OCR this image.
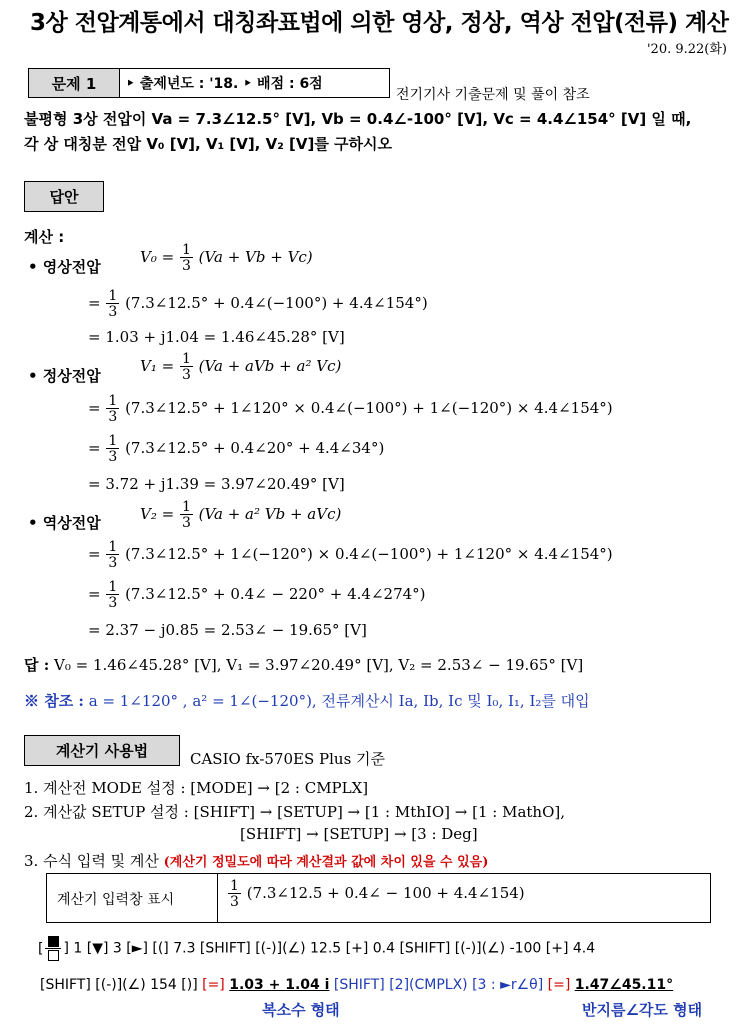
3상 전압계통에서 대칭좌표법에 의한 영상, 정상, 역상 전압(전류) 계산
'20. 9.22(화)
문제 1	‣ 출제년도 : '18. ‣ 배점 : 6점
전기기사 기출문제 및 풀이 참조
불평형 3상 전압이 Va = 7.3∠12.5° [V], Vb = 0.4∠-100° [V], Vc = 4.4∠154° [V] 일 때,
각 상 대칭분 전압 V₀ [V], V₁ [V], V₂ [V]를 구하시오
답안
계산 :
• 영상전압
$V_0 = \frac{1}{3} (Va + Vb + Vc)$
= $\frac{1}{3}$ (7.3∠12.5° + 0.4∠(−100°) + 4.4∠154°)
= 1.03 + j1.04 = 1.46∠45.28° [V]
• 정상전압
$V_1 = \frac{1}{3} (Va$ + aVb + a² Vc)
= $\frac{1}{3}$ (7.3∠12.5° + 1∠120° × 0.4∠(−100°) + 1∠(−120°) × 4.4∠154°)
= $\frac{1}{3}$ (7.3∠12.5° + 0.4∠20° + 4.4∠34°)
= 3.72 + j1.39 = 3.97∠20.49° [V]
• 역상전압	$V_2 = \frac{1}{3} (Va + a^2$ Vb + aVc)
= $\frac{1}{3}$ (7.3∠12.5° + 1∠(−120°) × 0.4∠(−100°) + 1∠120° × 4.4∠154°)
= $\frac{1}{3}$ (7.3∠12.5° + 0.4∠ − 220° + 4.4∠274°)
= 2.37 − j0.85 = 2.53∠ − 19.65° [V]
답 : V₀ = 1.46∠45.28° [V], V₁ = 3.97∠20.49° [V], V₂ = 2.53∠ − 19.65° [V]
※ 참조 : a = 1∠120° , a² = 1∠(−120°), 전류계산시 Ia, Ib, Ic 및 I₀, I₁, I₂를 대입
계산기 사용법	CASIO fx-570ES Plus 기준
1. 계산전 MODE 설정 : [MODE] → [2 : CMPLX]
2. 계산값 SETUP 설정 : [SHIFT] → [SETUP] → [1 : MthIO] → [1 : MathO],
[SHIFT] → [SETUP] → [3 : Deg]
3. 수식 입력 및 계산 (계산기 정밀도에 따라 계산결과 값에 차이 있을 수 있음)
계산기 입력창 표시	$\frac{1}{3}$ (7.3∠12.5 + 0.4∠ − 100 + 4.4∠154)
[ ] 1 [▼] 3 [►] [(] 7.3 [SHIFT] [(-)](∠) 12.5 [+] 0.4 [SHIFT] [(-)](∠) -100 [+] 4.4
[SHIFT] [(-)](∠) 154 [)] [=] 1.03 + 1.04 i [SHIFT] [2](CMPLX) [3 : ►r∠θ] [=] 1.47∠45.11°
복소수 형태	반지름∠각도 형태
